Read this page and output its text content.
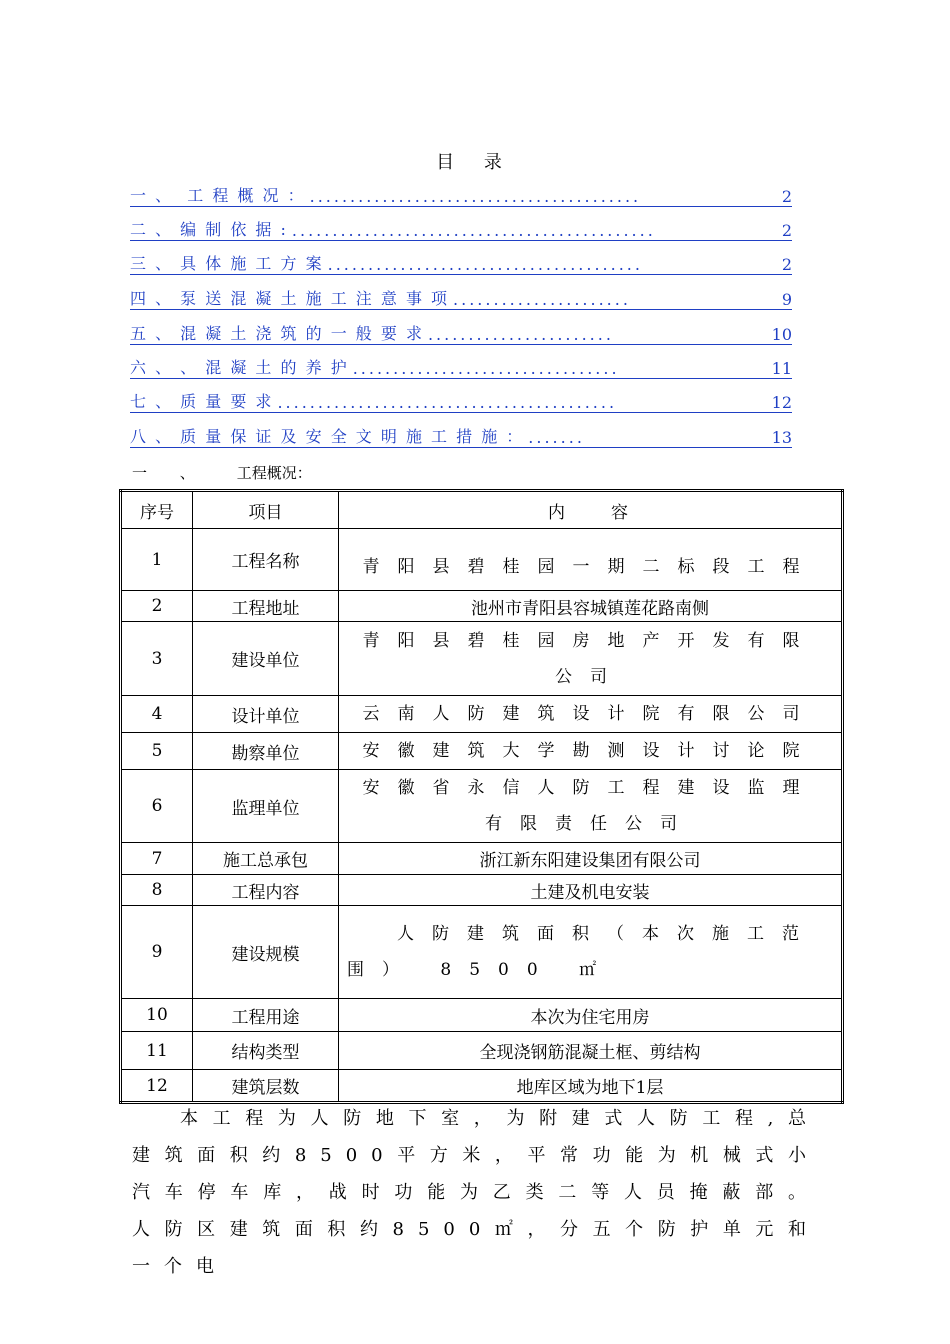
目 录
一 、  工 程 概 况 ： .........................................	2
二 、 编 制 依 据 : .............................................	2
三 、 具 体 施 工 方 案 .......................................	2
四 、 泵 送 混 凝 土 施 工 注 意 事 项 ......................	9
五 、 混 凝 土 浇 筑 的 一 般 要 求 .......................	10
六 、 、 混 凝 土 的 养 护 .................................	11
七 、 质 量 要 求 ..........................................	12
八 、 质 量 保 证 及 安 全 文 明 施 工 措 施 ： .......	13
一 、 工程概况：
序号	项目	内　　容
1	工程名称	青阳县碧桂园一期二标段工程
2	工程地址	池州市青阳县容城镇莲花路南侧
3	建设单位	青阳县碧桂园房地产开发有限公司
4	设计单位	云南人防建筑设计院有限公司
5	勘察单位	安徽建筑大学勘测设计讨论院
6	监理单位	安徽省永信人防工程建设监理有限责任公司
7	施工总承包	浙江新东阳建设集团有限公司
8	工程内容	土建及机电安装
9	建设规模	人防建筑面积（本次施工范围） 8500 ㎡
10	工程用途	本次为住宅用房
11	结构类型	全现浇钢筋混凝土框、剪结构
12	建筑层数	地库区域为地下1层
本工程为人防地下室，为附建式人防工程,总建筑面积约8500平方米，平常功能为机械式小汽车停车库，战时功能为乙类二等人员掩蔽部。人防区建筑面积约8500㎡，分五个防护单元和一个电
